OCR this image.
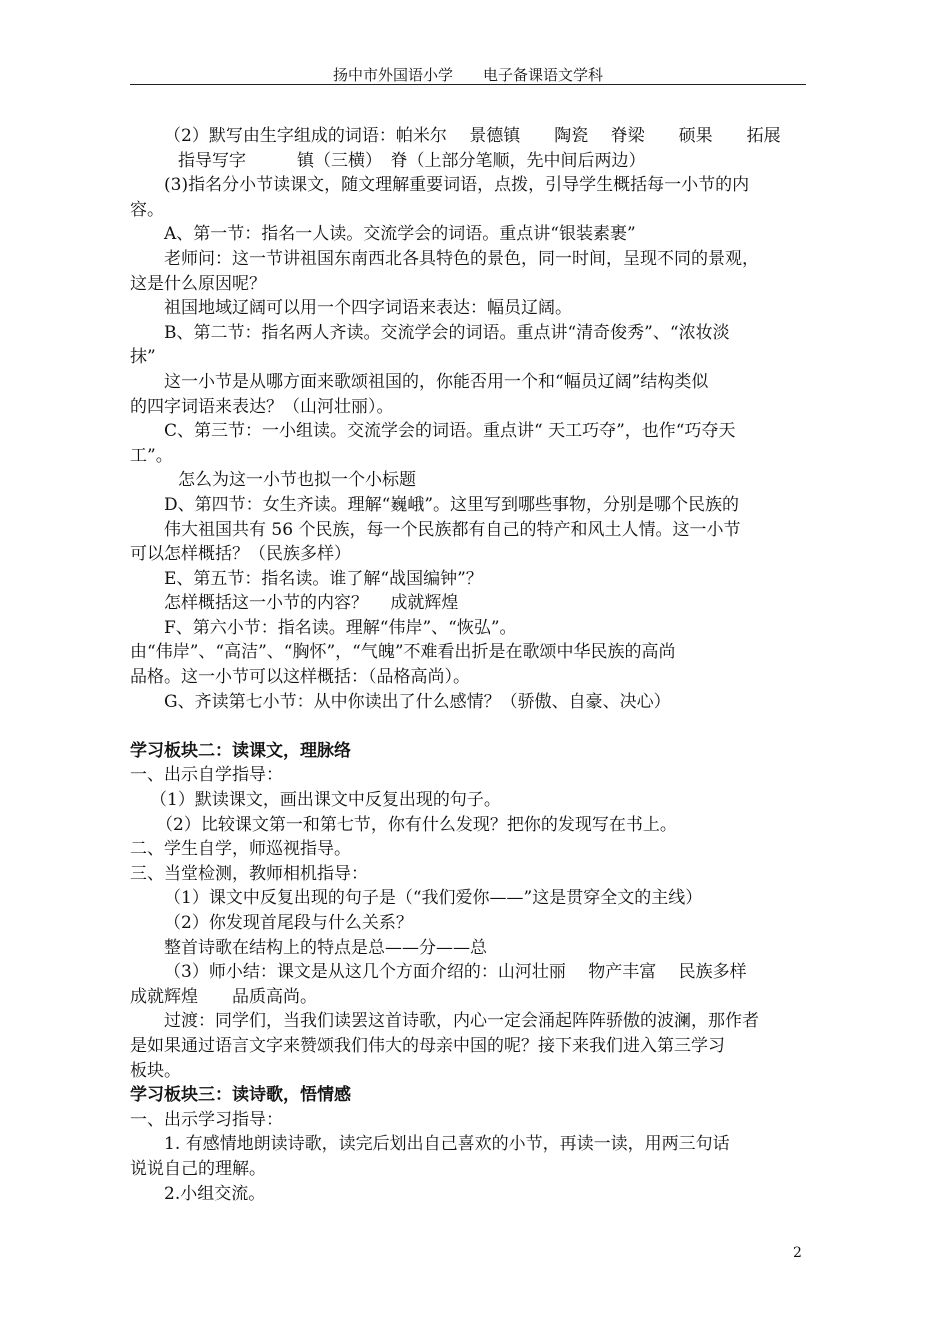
扬中市外国语小学　　电子备课语文学科

（2）默写由生字组成的词语：帕米尔　 景德镇　　陶瓷　 脊梁　　硕果　　拓展

指导写字　　　镇（三横）　脊（上部分笔顺，先中间后两边）

(3)指名分小节读课文，随文理解重要词语，点拨，引导学生概括每一小节的内

容。

A、第一节：指名一人读。交流学会的词语。重点讲“银装素裹”

老师问：这一节讲祖国东南西北各具特色的景色，同一时间，呈现不同的景观，

这是什么原因呢？

祖国地域辽阔可以用一个四字词语来表达：幅员辽阔。

B、第二节：指名两人齐读。交流学会的词语。重点讲“清奇俊秀”、“浓妆淡

抹”

这一小节是从哪方面来歌颂祖国的，你能否用一个和“幅员辽阔”结构类似

的四字词语来表达？（山河壮丽）。

C、第三节：一小组读。交流学会的词语。重点讲“ 天工巧夺”，也作“巧夺天

工”。

怎么为这一小节也拟一个小标题

D、第四节：女生齐读。理解“巍峨”。这里写到哪些事物，分别是哪个民族的

伟大祖国共有 56 个民族，每一个民族都有自己的特产和风土人情。这一小节

可以怎样概括？（民族多样）

E、第五节：指名读。谁了解“战国编钟”？

怎样概括这一小节的内容？　 成就辉煌

F、第六小节：指名读。理解“伟岸”、“恢弘”。

由“伟岸”、“高洁”、“胸怀”，“气魄”不难看出折是在歌颂中华民族的高尚

品格。这一小节可以这样概括：（品格高尚）。

G、齐读第七小节：从中你读出了什么感情？（骄傲、自豪、决心）

学习板块二：读课文，理脉络

一、出示自学指导：

（1）默读课文，画出课文中反复出现的句子。

（2）比较课文第一和第七节，你有什么发现？把你的发现写在书上。

二、学生自学，师巡视指导。

三、当堂检测，教师相机指导：

（1）课文中反复出现的句子是（“我们爱你——”这是贯穿全文的主线）

（2）你发现首尾段与什么关系？

整首诗歌在结构上的特点是总——分——总

（3）师小结：课文是从这几个方面介绍的：山河壮丽　 物产丰富　 民族多样

成就辉煌　　品质高尚。

过渡：同学们，当我们读罢这首诗歌，内心一定会涌起阵阵骄傲的波澜，那作者

是如果通过语言文字来赞颂我们伟大的母亲中国的呢？接下来我们进入第三学习

板块。

学习板块三：读诗歌，悟情感

一、出示学习指导：

1. 有感情地朗读诗歌，读完后划出自己喜欢的小节，再读一读，用两三句话

说说自己的理解。

2.小组交流。

2
